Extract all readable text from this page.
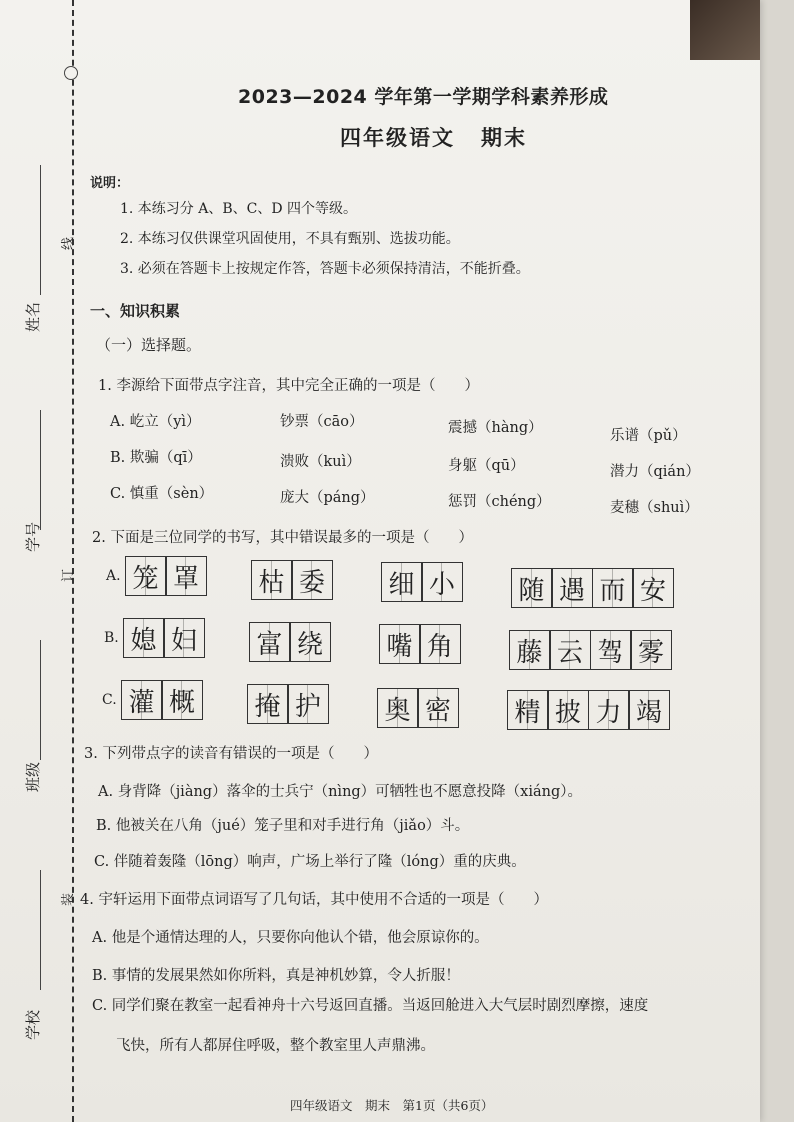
姓名
线
学号
订
班级
装
学校
2023—2024 学年第一学期学科素养形成
四年级语文 期末
说明：
1. 本练习分 A、B、C、D 四个等级。
2. 本练习仅供课堂巩固使用，不具有甄别、选拔功能。
3. 必须在答题卡上按规定作答，答题卡必须保持清洁，不能折叠。
一、知识积累
（一）选择题。
1. 李源给下面带点字注音，其中完全正确的一项是（　　）
A. 屹立（yì）	钞票（cāo）	震撼（hàng）	乐谱（pǔ）
B. 欺骗（qī）	溃败（kuì）	身躯（qū）	潜力（qián）
C. 慎重（sèn）	庞大（páng）	惩罚（chéng）	麦穗（shuì）
2. 下面是三位同学的书写，其中错误最多的一项是（　　）
A. 笼 罩	枯 委	细 小	随 遇 而 安
B. 媳 妇	富 绕	嘴 角	藤 云 驾 雾
C. 灌 概	掩 护	奥 密	精 披 力 竭
3. 下列带点字的读音有错误的一项是（　　）
A. 身背降（jiàng）落伞的士兵宁（nìng）可牺牲也不愿意投降（xiáng）。
B. 他被关在八角（jué）笼子里和对手进行角（jiǎo）斗。
C. 伴随着轰隆（lōng）响声，广场上举行了隆（lóng）重的庆典。
4. 宇轩运用下面带点词语写了几句话，其中使用不合适的一项是（　　）
A. 他是个通情达理的人，只要你向他认个错，他会原谅你的。
B. 事情的发展果然如你所料，真是神机妙算，令人折服！
C. 同学们聚在教室一起看神舟十六号返回直播。当返回舱进入大气层时剧烈摩擦，速度
飞快，所有人都屏住呼吸，整个教室里人声鼎沸。
四年级语文　期末　第1页（共6页）
